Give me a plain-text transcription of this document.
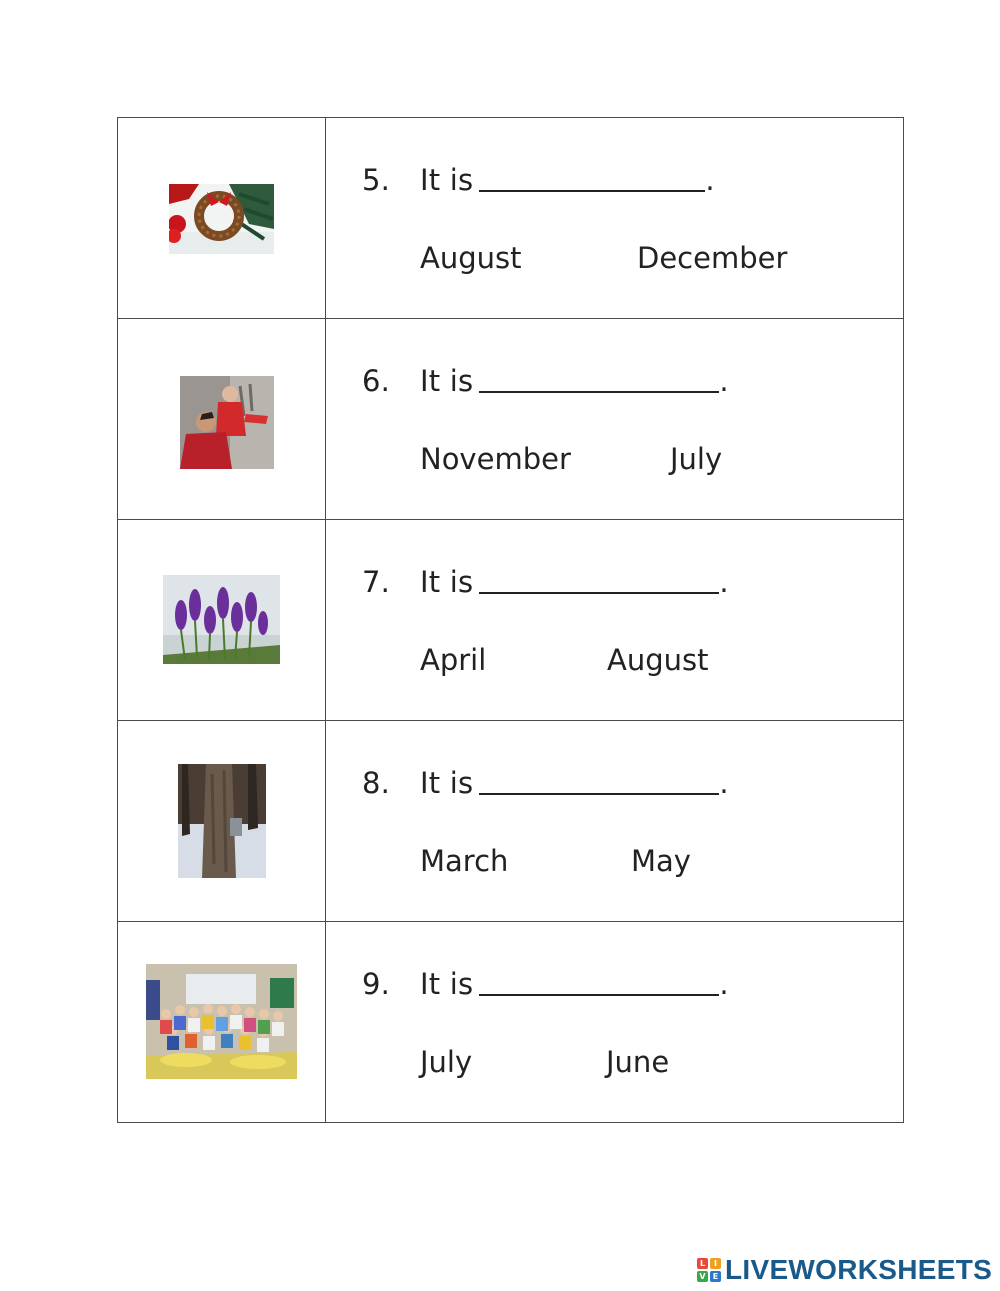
5. It is .
August December

6. It is .
November July

7. It is .
April August

8. It is .
March May

9. It is .
July June
L	I
V E LIVEWORKSHEETS
